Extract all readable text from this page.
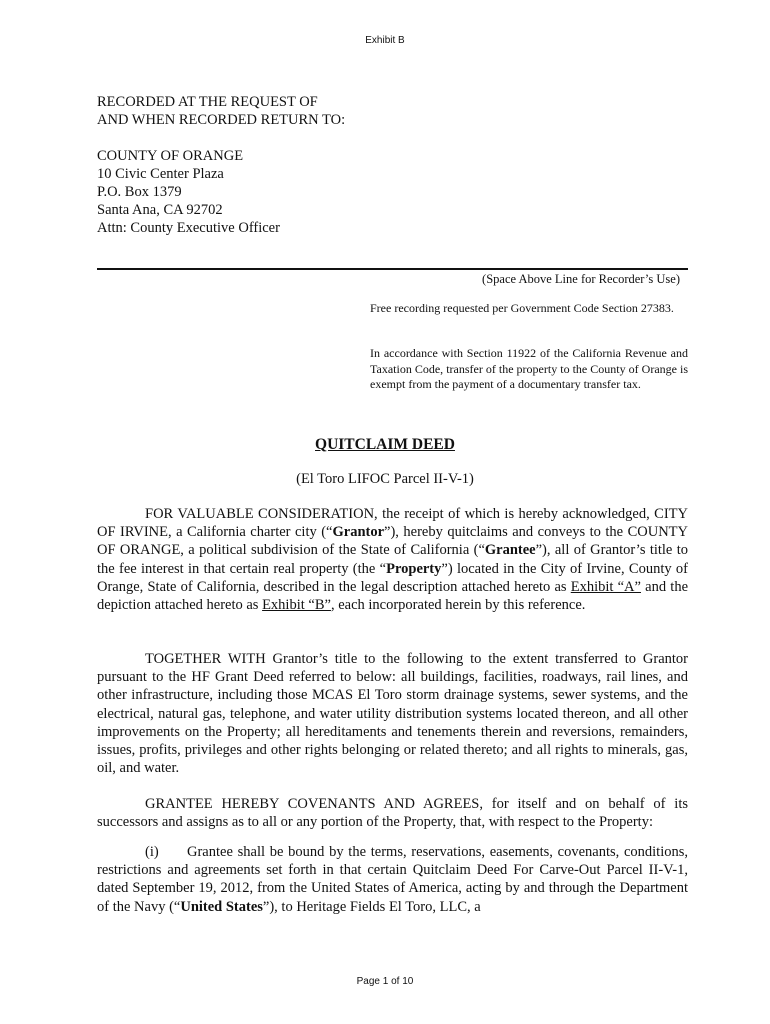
Exhibit B
RECORDED AT THE REQUEST OF
AND WHEN RECORDED RETURN TO:
COUNTY OF ORANGE
10 Civic Center Plaza
P.O. Box 1379
Santa Ana, CA 92702
Attn: County Executive Officer
(Space Above Line for Recorder’s Use)
Free recording requested per Government Code Section 27383.
In accordance with Section 11922 of the California Revenue and Taxation Code, transfer of the property to the County of Orange is exempt from the payment of a documentary transfer tax.
QUITCLAIM DEED
(El Toro LIFOC Parcel II-V-1)

FOR VALUABLE CONSIDERATION, the receipt of which is hereby acknowledged, CITY OF IRVINE, a California charter city (“Grantor”), hereby quitclaims and conveys to the COUNTY OF ORANGE, a political subdivision of the State of California (“Grantee”), all of Grantor’s title to the fee interest in that certain real property (the “Property”) located in the City of Irvine, County of Orange, State of California, described in the legal description attached hereto as Exhibit “A” and the depiction attached hereto as Exhibit “B”, each incorporated herein by this reference.

TOGETHER WITH Grantor’s title to the following to the extent transferred to Grantor pursuant to the HF Grant Deed referred to below: all buildings, facilities, roadways, rail lines, and other infrastructure, including those MCAS El Toro storm drainage systems, sewer systems, and the electrical, natural gas, telephone, and water utility distribution systems located thereon, and all other improvements on the Property; all hereditaments and tenements therein and reversions, remainders, issues, profits, privileges and other rights belonging or related thereto; and all rights to minerals, gas, oil, and water.

GRANTEE HEREBY COVENANTS AND AGREES, for itself and on behalf of its successors and assigns as to all or any portion of the Property, that, with respect to the Property:

(i)      Grantee shall be bound by the terms, reservations, easements, covenants, conditions, restrictions and agreements set forth in that certain Quitclaim Deed For Carve-Out Parcel II-V-1, dated September 19, 2012, from the United States of America, acting by and through the Department of the Navy (“United States”), to Heritage Fields El Toro, LLC, a

Page 1 of 10
